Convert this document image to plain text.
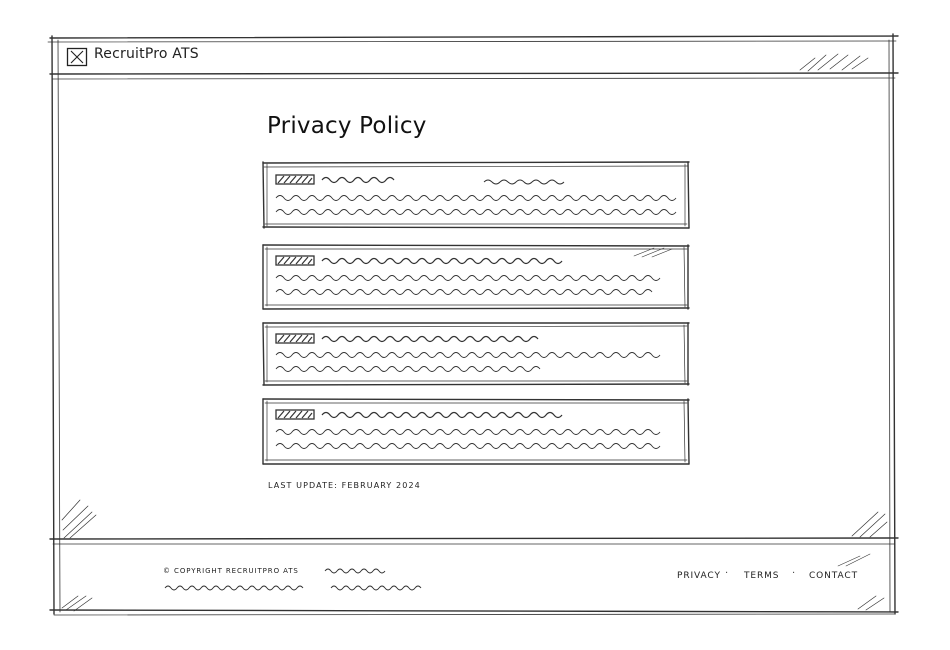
RecruitPro ATS
Privacy Policy
LAST UPDATE: FEBRUARY 2024
© COPYRIGHT RECRUITPRO ATS	PRIVACY · TERMS · CONTACT
